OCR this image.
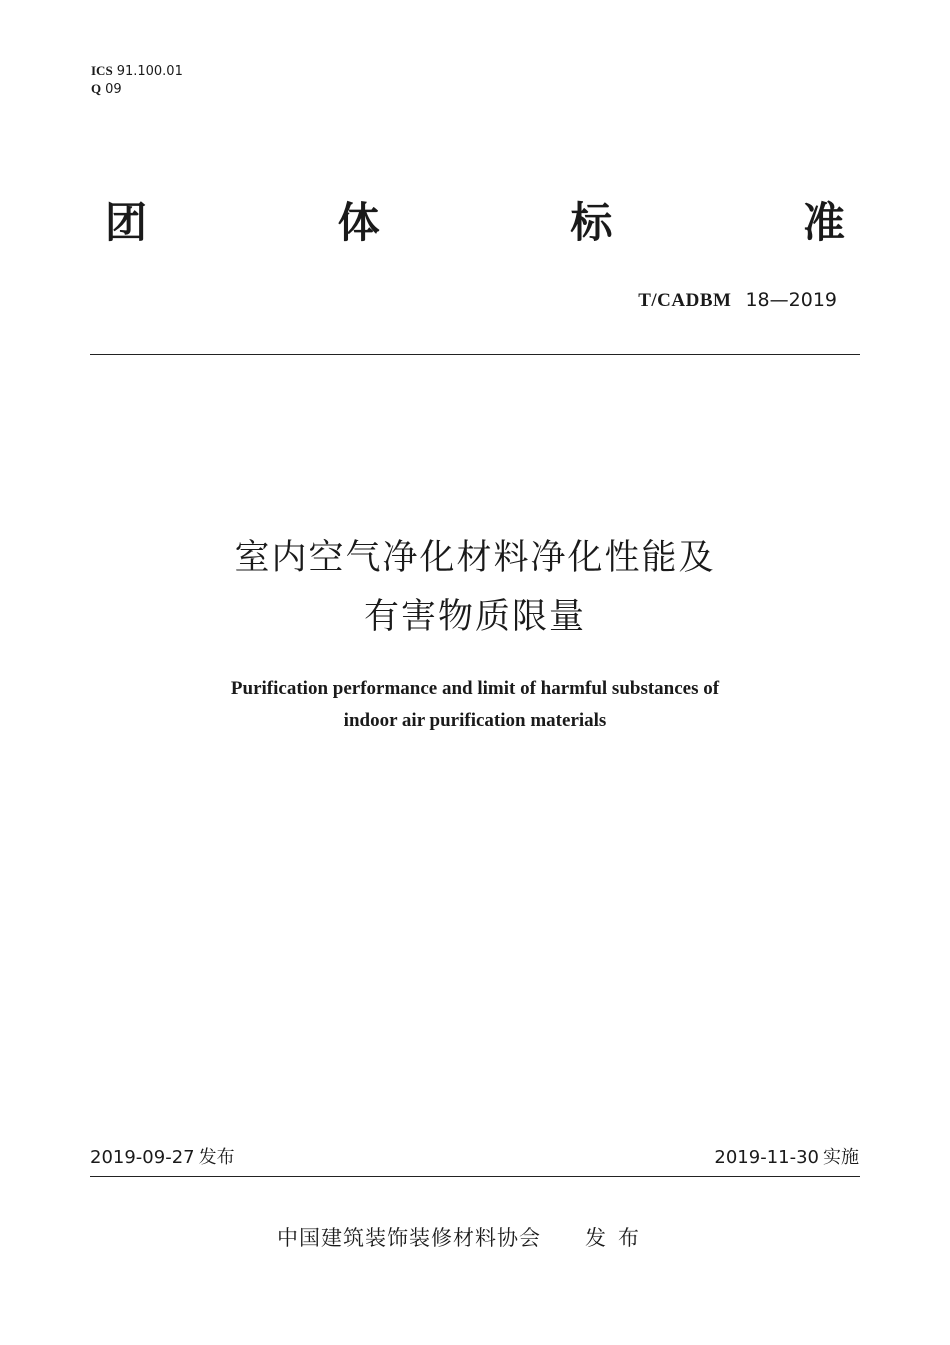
ICS 91.100.01
Q 09
团	体	标	准
T/CADBM 18—2019
室内空气净化材料净化性能及
有害物质限量
Purification performance and limit of harmful substances of
indoor air purification materials
2019-09-27 发布	2019-11-30 实施
中国建筑装饰装修材料协会 发布
